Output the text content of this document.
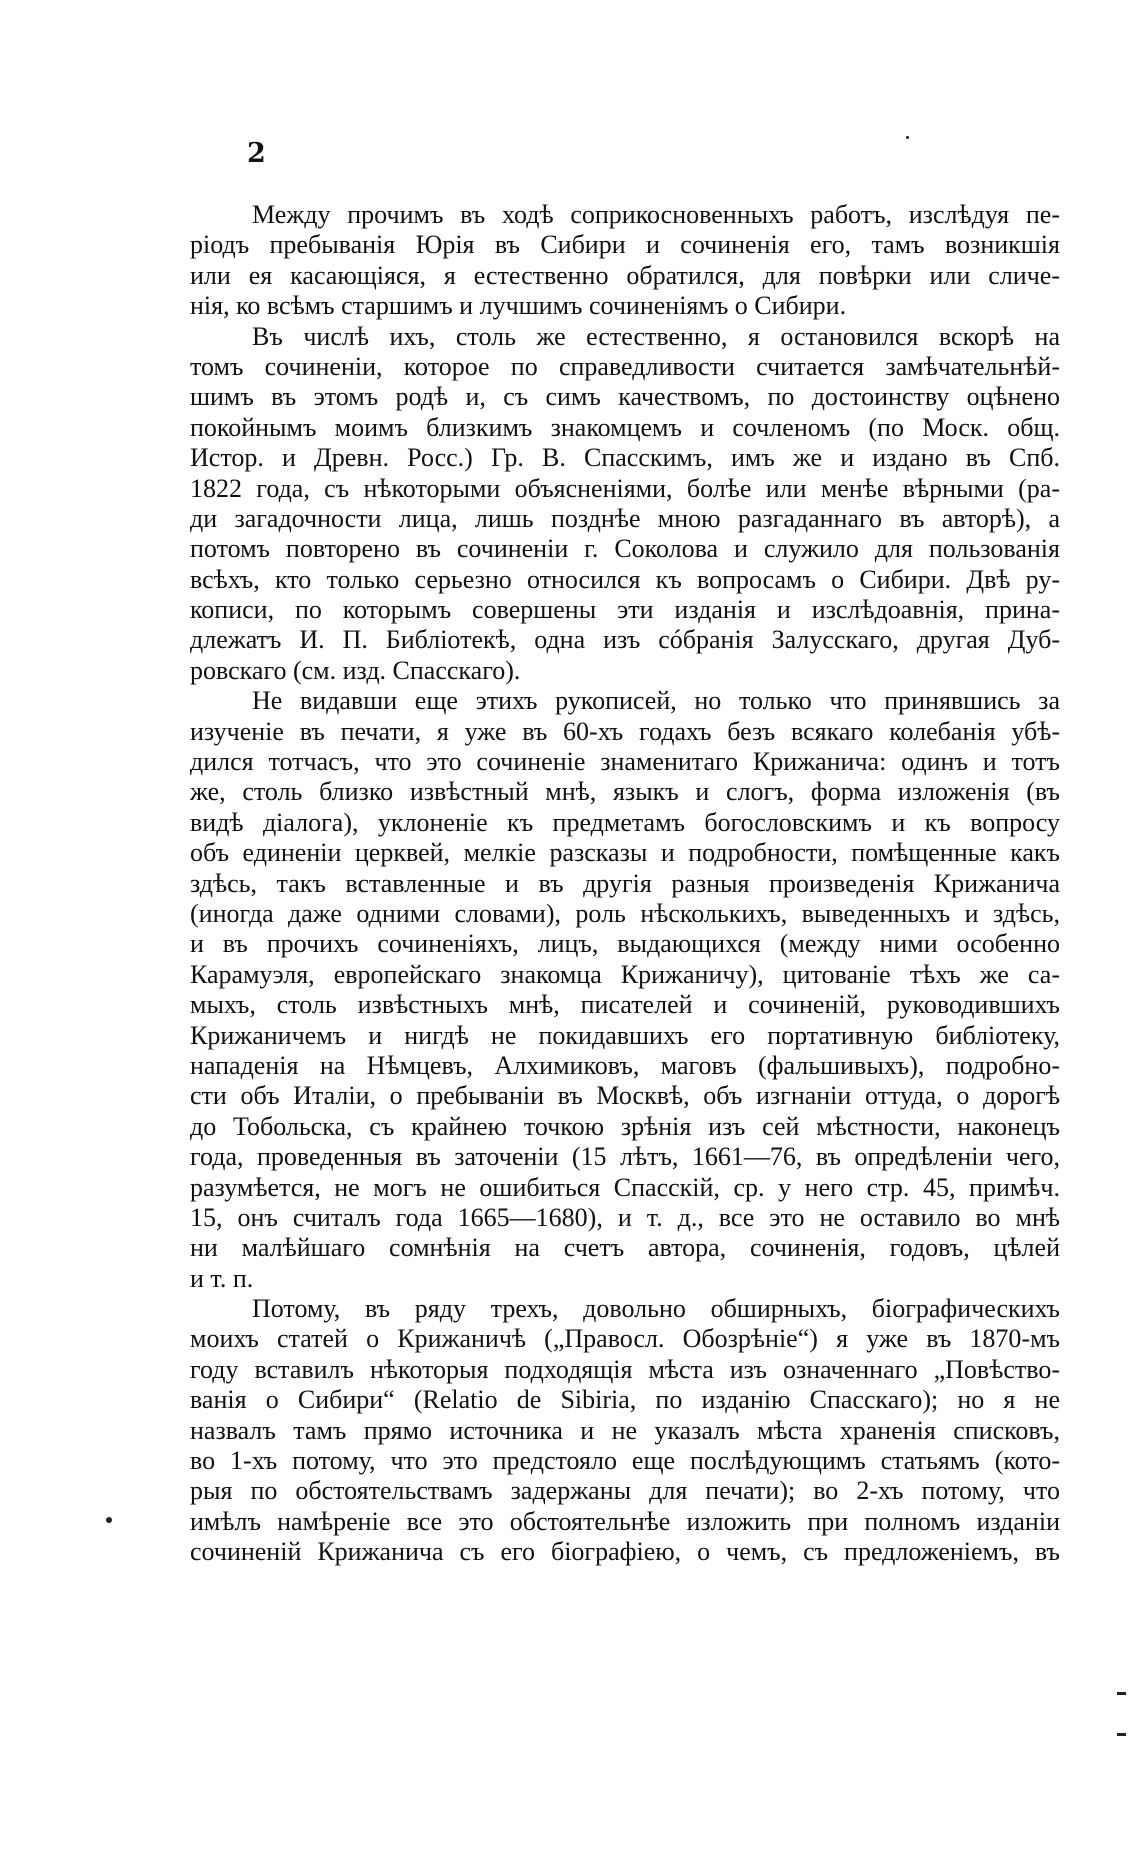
2
Между прочимъ въ ходѣ соприкосновенныхъ работъ, изслѣдуя пе-
ріодъ пребыванія Юрія въ Сибири и сочиненія его, тамъ возникшія
или ея касающіяся, я естественно обратился, для повѣрки или сличе-
нія, ко всѣмъ старшимъ и лучшимъ сочиненіямъ о Сибири.
Въ числѣ ихъ, столь же естественно, я остановился вскорѣ на
томъ сочиненіи, которое по справедливости считается замѣчательнѣй-
шимъ въ этомъ родѣ и, съ симъ качествомъ, по достоинству оцѣнено
покойнымъ моимъ близкимъ знакомцемъ и сочленомъ (по Моск. общ.
Истор. и Древн. Росс.) Гр. В. Спасскимъ, имъ же и издано въ Спб.
1822 года, съ нѣкоторыми объясненіями, болѣе или менѣе вѣрными (ра-
ди загадочности лица, лишь позднѣе мною разгаданнаго въ авторѣ), а
потомъ повторено въ сочиненіи г. Соколова и служило для пользованія
всѣхъ, кто только серьезно относился къ вопросамъ о Сибири. Двѣ ру-
кописи, по которымъ совершены эти изданія и изслѣдоавнія, прина-
длежатъ И. П. Библіотекѣ, одна изъ сóбранія Залусскаго, другая Дуб-
ровскаго (см. изд. Спасскаго).
Не видавши еще этихъ рукописей, но только что принявшись за
изученіе въ печати, я уже въ 60-хъ годахъ безъ всякаго колебанія убѣ-
дился тотчасъ, что это сочиненіе знаменитаго Крижанича: одинъ и тотъ
же, столь близко извѣстный мнѣ, языкъ и слогъ, форма изложенія (въ
видѣ діалога), уклоненіе къ предметамъ богословскимъ и къ вопросу
объ единеніи церквей, мелкіе разсказы и подробности, помѣщенные какъ
здѣсь, такъ вставленные и въ другія разныя произведенія Крижанича
(иногда даже одними словами), роль нѣсколькихъ, выведенныхъ и здѣсь,
и въ прочихъ сочиненіяхъ, лицъ, выдающихся (между ними особенно
Карамуэля, европейскаго знакомца Крижаничу), цитованіе тѣхъ же са-
мыхъ, столь извѣстныхъ мнѣ, писателей и сочиненій, руководившихъ
Крижаничемъ и нигдѣ не покидавшихъ его портативную библіотеку,
нападенія на Нѣмцевъ, Алхимиковъ, маговъ (фальшивыхъ), подробно-
сти объ Италіи, о пребываніи въ Москвѣ, объ изгнаніи оттуда, о дорогѣ
до Тобольска, съ крайнею точкою зрѣнія изъ сей мѣстности, наконецъ
года, проведенныя въ заточеніи (15 лѣтъ, 1661—76, въ опредѣленіи чего,
разумѣется, не могъ не ошибиться Спасскій, ср. у него стр. 45, примѣч.
15, онъ считалъ года 1665—1680), и т. д., все это не оставило во мнѣ
ни малѣйшаго сомнѣнія на счетъ автора, сочиненія, годовъ, цѣлей
и т. п.
Потому, въ ряду трехъ, довольно обширныхъ, біографическихъ
моихъ статей о Крижаничѣ („Правосл. Обозрѣніе“) я уже въ 1870-мъ
году вставилъ нѣкоторыя подходящія мѣста изъ означеннаго „Повѣство-
ванія о Сибири“ (Relatio de Sibiria, по изданію Спасскаго); но я не
назвалъ тамъ прямо источника и не указалъ мѣста храненія списковъ,
во 1-хъ потому, что это предстояло еще послѣдующимъ статьямъ (кото-
рыя по обстоятельствамъ задержаны для печати); во 2-хъ потому, что
имѣлъ намѣреніе все это обстоятельнѣе изложить при полномъ изданіи
сочиненій Крижанича съ его біографіею, о чемъ, съ предложеніемъ, въ
